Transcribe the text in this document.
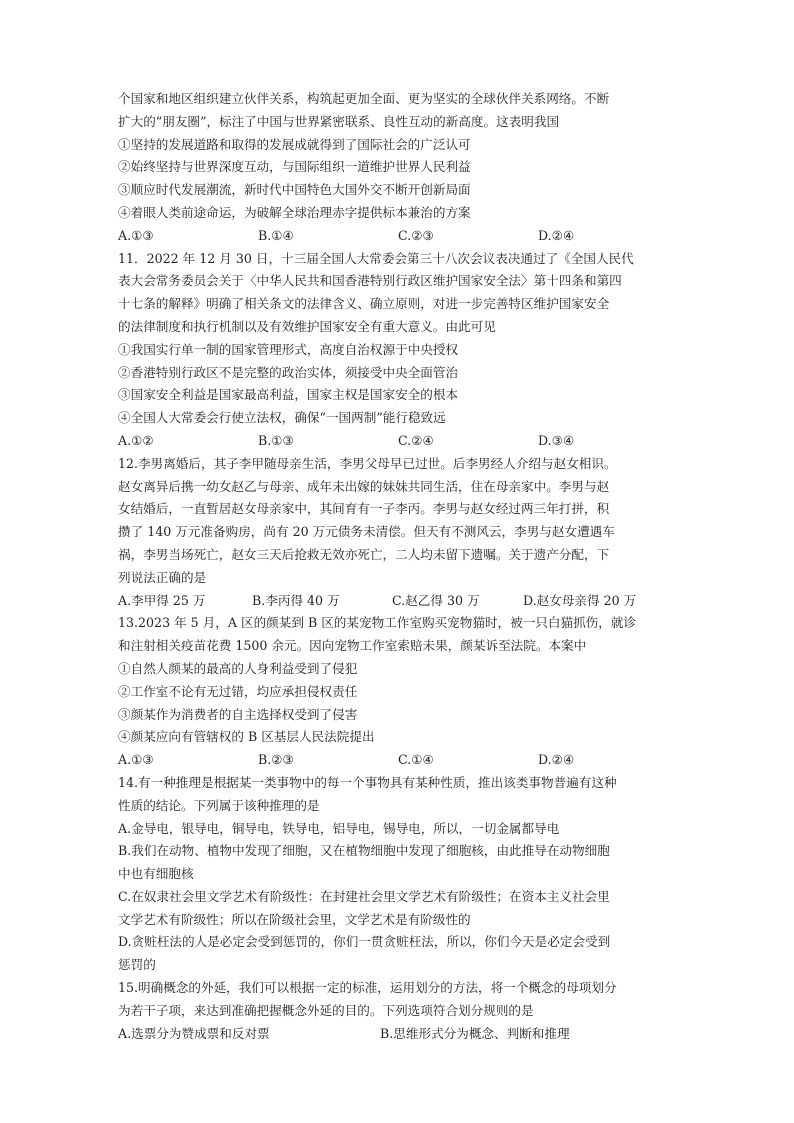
个国家和地区组织建立伙伴关系，构筑起更加全面、更为坚实的全球伙伴关系网络。不断
扩大的“朋友圈”，标注了中国与世界紧密联系、良性互动的新高度。这表明我国
①坚持的发展道路和取得的发展成就得到了国际社会的广泛认可
②始终坚持与世界深度互动，与国际组织一道维护世界人民利益
③顺应时代发展潮流，新时代中国特色大国外交不断开创新局面
④着眼人类前途命运，为破解全球治理赤字提供标本兼治的方案
A.①③	B.①④	C.②③	D.②④
11．2022 年 12 月 30 日，十三届全国人大常委会第三十八次会议表决通过了《全国人民代
表大会常务委员会关于〈中华人民共和国香港特别行政区维护国家安全法〉第十四条和第四
十七条的解释》明确了相关条文的法律含义、确立原则，对进一步完善特区维护国家安全
的法律制度和执行机制以及有效维护国家安全有重大意义。由此可见
①我国实行单一制的国家管理形式，高度自治权源于中央授权
②香港特别行政区不是完整的政治实体，须接受中央全面管治
③国家安全利益是国家最高利益，国家主权是国家安全的根本
④全国人大常委会行使立法权，确保“一国两制”能行稳致远
A.①②	B.①③	C.②④	D.③④
12.李男离婚后，其子李甲随母亲生活，李男父母早已过世。后李男经人介绍与赵女相识。
赵女离异后携一幼女赵乙与母亲、成年未出嫁的妹妹共同生活，住在母亲家中。李男与赵
女结婚后，一直暂居赵女母亲家中，其间育有一子李丙。李男与赵女经过两三年打拼，积
攒了 140 万元准备购房，尚有 20 万元债务未清偿。但天有不测风云，李男与赵女遭遇车
祸，李男当场死亡，赵女三天后抢救无效亦死亡，二人均未留下遗嘱。关于遗产分配，下
列说法正确的是
A.李甲得 25 万	B.李丙得 40 万	C.赵乙得 30 万	D.赵女母亲得 20 万
13.2023 年 5 月，A 区的颜某到 B 区的某宠物工作室购买宠物猫时，被一只白猫抓伤，就诊
和注射相关疫苗花费 1500 余元。因向宠物工作室索赔未果，颜某诉至法院。本案中
①自然人颜某的最高的人身利益受到了侵犯
②工作室不论有无过错，均应承担侵权责任
③颜某作为消费者的自主选择权受到了侵害
④颜某应向有管辖权的 B 区基层人民法院提出
A.①③	B.②③	C.①④	D.②④
14.有一种推理是根据某一类事物中的每一个事物具有某种性质，推出该类事物普遍有这种
性质的结论。下列属于该种推理的是
A.金导电，银导电，铜导电，铁导电，铝导电，锡导电，所以，一切金属都导电
B.我们在动物、植物中发现了细胞，又在植物细胞中发现了细胞核，由此推导在动物细胞
中也有细胞核
C.在奴隶社会里文学艺术有阶级性：在封建社会里文学艺术有阶级性；在资本主义社会里
文学艺术有阶级性；所以在阶级社会里，文学艺术是有阶级性的
D.贪赃枉法的人是必定会受到惩罚的，你们一贯贪赃枉法，所以，你们今天是必定会受到
惩罚的
15.明确概念的外延，我们可以根据一定的标准，运用划分的方法，将一个概念的母项划分
为若干子项，来达到准确把握概念外延的目的。下列选项符合划分规则的是
A.选票分为赞成票和反对票	B.思维形式分为概念、判断和推理
